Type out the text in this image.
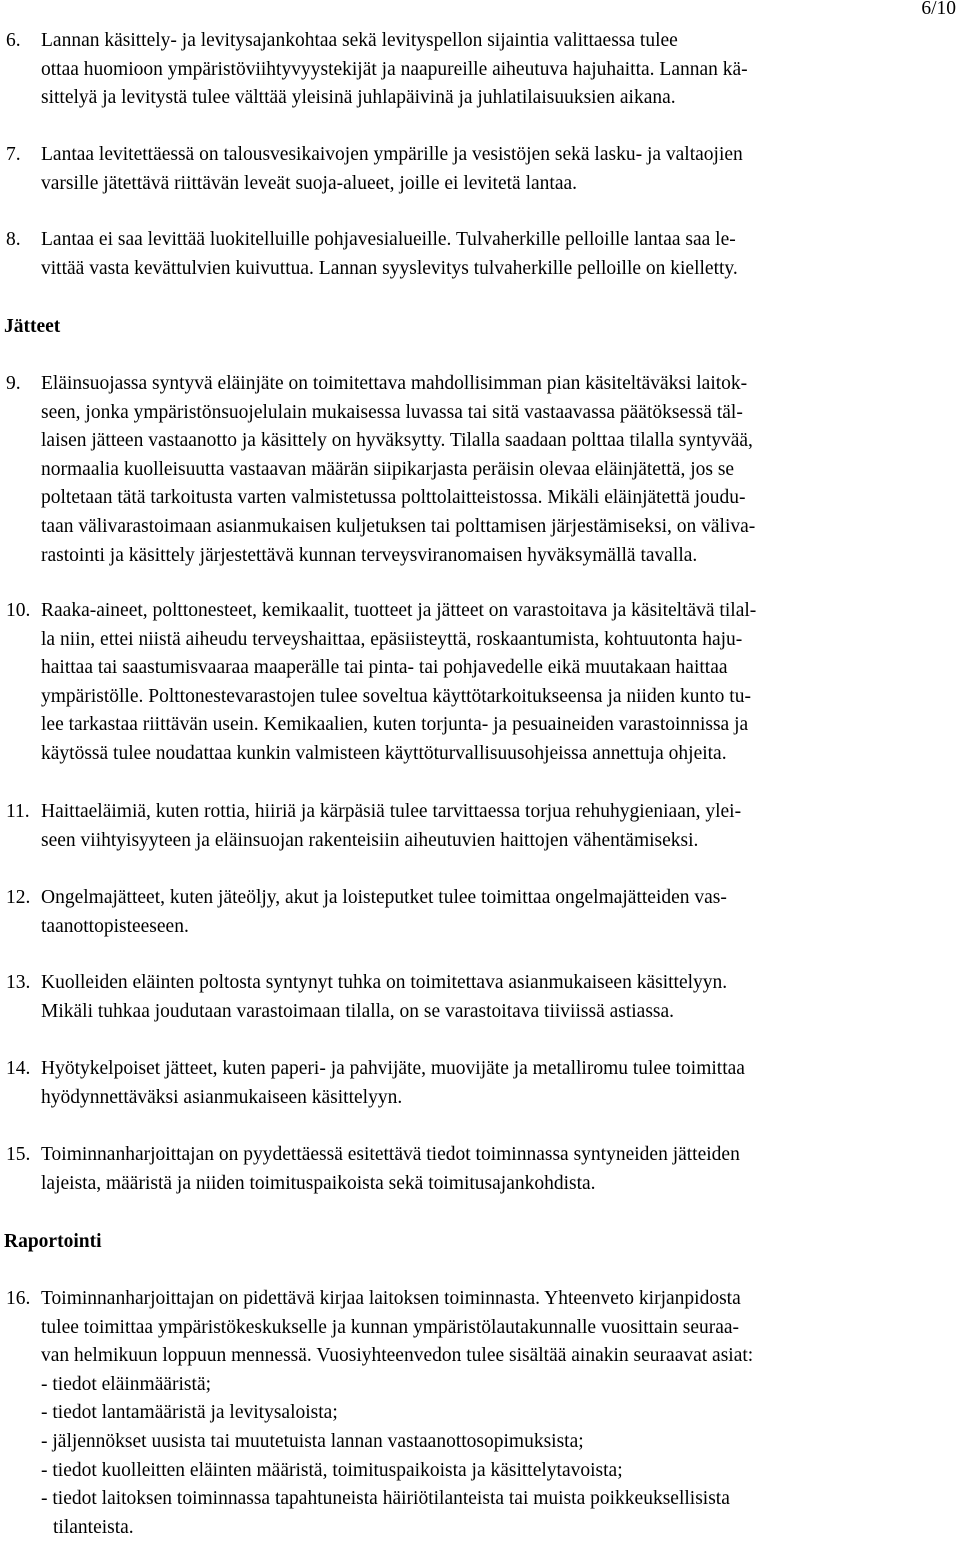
6/10
6. Lannan käsittely- ja levitysajankohtaa sekä levityspellon sijaintia valittaessa tulee
ottaa huomioon ympäristöviihtyvyystekijät ja naapureille aiheutuva hajuhaitta. Lannan kä-
sittelyä ja levitystä tulee välttää yleisinä juhlapäivinä ja juhlatilaisuuksien aikana.
7. Lantaa levitettäessä on talousvesikaivojen ympärille ja vesistöjen sekä lasku- ja valtaojien
varsille jätettävä riittävän leveät suoja-alueet, joille ei levitetä lantaa.
8. Lantaa ei saa levittää luokitelluille pohjavesialueille. Tulvaherkille pelloille lantaa saa le-
vittää vasta kevättulvien kuivuttua. Lannan syyslevitys tulvaherkille pelloille on kielletty.
Jätteet
9. Eläinsuojassa syntyvä eläinjäte on toimitettava mahdollisimman pian käsiteltäväksi laitok-
seen, jonka ympäristönsuojelulain mukaisessa luvassa tai sitä vastaavassa päätöksessä täl-
laisen jätteen vastaanotto ja käsittely on hyväksytty. Tilalla saadaan polttaa tilalla syntyvää,
normaalia kuolleisuutta vastaavan määrän siipikarjasta peräisin olevaa eläinjätettä, jos se
poltetaan tätä tarkoitusta varten valmistetussa polttolaitteistossa. Mikäli eläinjätettä joudu-
taan välivarastoimaan asianmukaisen kuljetuksen tai polttamisen järjestämiseksi, on väliva-
rastointi ja käsittely järjestettävä kunnan terveysviranomaisen hyväksymällä tavalla.
10. Raaka-aineet, polttonesteet, kemikaalit, tuotteet ja jätteet on varastoitava ja käsiteltävä tilal-
la niin, ettei niistä aiheudu terveyshaittaa, epäsiisteyttä, roskaantumista, kohtuutonta haju-
haittaa tai saastumisvaaraa maaperälle tai pinta- tai pohjavedelle eikä muutakaan haittaa
ympäristölle. Polttonestevarastojen tulee soveltua käyttötarkoitukseensa ja niiden kunto tu-
lee tarkastaa riittävän usein. Kemikaalien, kuten torjunta- ja pesuaineiden varastoinnissa ja
käytössä tulee noudattaa kunkin valmisteen käyttöturvallisuusohjeissa annettuja ohjeita.
11. Haittaeläimiä, kuten rottia, hiiriä ja kärpäsiä tulee tarvittaessa torjua rehuhygieniaan, ylei-
seen viihtyisyyteen ja eläinsuojan rakenteisiin aiheutuvien haittojen vähentämiseksi.
12. Ongelmajätteet, kuten jäteöljy, akut ja loisteputket tulee toimittaa ongelmajätteiden vas-
taanottopisteeseen.
13. Kuolleiden eläinten poltosta syntynyt tuhka on toimitettava asianmukaiseen käsittelyyn.
Mikäli tuhkaa joudutaan varastoimaan tilalla, on se varastoitava tiiviissä astiassa.
14. Hyötykelpoiset jätteet, kuten paperi- ja pahvijäte, muovijäte ja metalliromu tulee toimittaa
hyödynnettäväksi asianmukaiseen käsittelyyn.
15. Toiminnanharjoittajan on pyydettäessä esitettävä tiedot toiminnassa syntyneiden jätteiden
lajeista, määristä ja niiden toimituspaikoista sekä toimitusajankohdista.
Raportointi
16. Toiminnanharjoittajan on pidettävä kirjaa laitoksen toiminnasta. Yhteenveto kirjanpidosta
tulee toimittaa ympäristökeskukselle ja kunnan ympäristölautakunnalle vuosittain seuraa-
van helmikuun loppuun mennessä. Vuosiyhteenvedon tulee sisältää ainakin seuraavat asiat:
- tiedot eläinmääristä;
- tiedot lantamääristä ja levitysaloista;
- jäljennökset uusista tai muutetuista lannan vastaanottosopimuksista;
- tiedot kuolleitten eläinten määristä, toimituspaikoista ja käsittelytavoista;
- tiedot laitoksen toiminnassa tapahtuneista häiriötilanteista tai muista poikkeuksellisista
tilanteista.
